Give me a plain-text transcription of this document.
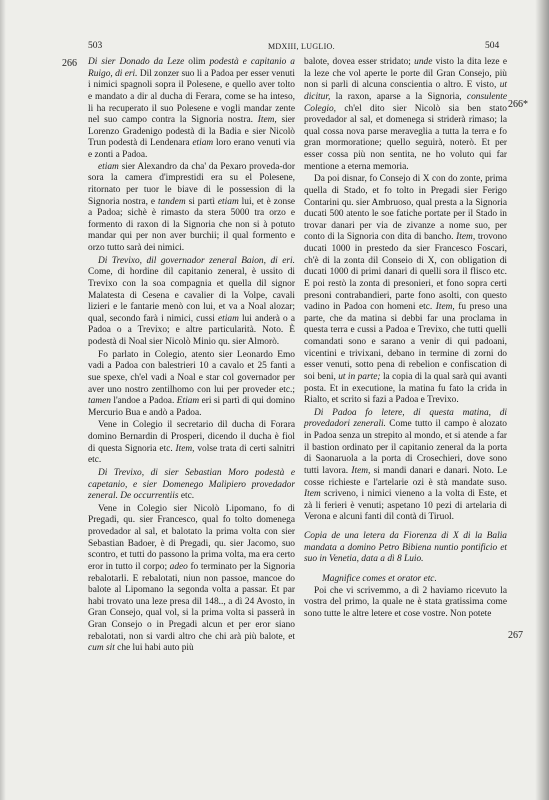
503	MDXIII, LUGLIO.	504
266
266*
267

Di sier Donado da Leze olim podestà e capitanio a Ruigo, di eri. Dil zonzer suo li a Padoa per esser venuti i nimici spagnoli sopra il Polesene, e quello aver tolto e mandato a dir al ducha di Ferara, come se ha inteso, li ha recuperato il suo Polesene e vogli mandar zente nel suo campo contra la Signoria nostra. Item, sier Lorenzo Gradenigo podestà di la Badia e sier Nicolò Trun podestà di Lendenara etiam loro erano venuti via e zonti a Padoa.

etiam sier Alexandro da cha' da Pexaro proveda-dor sora la camera d'imprestidi era su el Polesene, ritornato per tuor le biave di le possession di la Signoria nostra, e tandem si partì etiam lui, et è zonse a Padoa; sichè è rimasto da stera 5000 tra orzo e formento di raxon di la Signoria che non si à potuto mandar qui per non aver burchii; il qual formento e orzo tutto sarà dei nimici.

Di Trevixo, dil governador zeneral Baion, di eri. Come, di hordine dil capitanio zeneral, è ussito di Trevixo con la soa compagnia et quella dil signor Malatesta di Cesena e cavalier di la Volpe, cavali lizieri e le fantarie menò con lui, et va a Noal alozar; qual, secondo farà i nimici, cussi etiam lui anderà o a Padoa o a Trevixo; e altre particularità. Noto. È podestà di Noal sier Nicolò Minio qu. sier Almorò.

Fo parlato in Colegio, atento sier Leonardo Emo vadi a Padoa con balestrieri 10 a cavalo et 25 fanti a sue spexe, ch'el vadi a Noal e star col governador per aver uno nostro zentilhomo con lui per proveder etc.; tamen l'andoe a Padoa. Etiam eri si partì di qui domino Mercurio Bua e andò a Padoa.

Vene in Colegio il secretario dil ducha di Forara domino Bernardin di Prosperi, dicendo il ducha è fiol di questa Signoria etc. Item, volse trata di certi salnitri etc.

Di Trevixo, di sier Sebastian Moro podestà e capetanio, e sier Domenego Malipiero provedador zeneral. De occurrentiis etc.

Vene in Colegio sier Nicolò Lipomano, fo di Pregadi, qu. sier Francesco, qual fo tolto domenega provedador al sal, et balotato la prima volta con sier Sebastian Badoer, è di Pregadi, qu. sier Jacomo, suo scontro, et tutti do passono la prima volta, ma era certo eror in tutto il corpo; adeo fo terminato per la Signoria rebalotarli. E rebalotati, niun non passoe, mancoe do balote al Lipomano la segonda volta a passar. Et par habi trovato una leze presa dil 148.., a dì 24 Avosto, in Gran Consejo, qual vol, si la prima volta si passerà in Gran Consejo o in Pregadi alcun et per eror siano rebalotati, non si vardi altro che chi arà più balote, et cum sit che lui habi auto più

balote, dovea esser stridato; unde visto la dita leze e la leze che vol aperte le porte dil Gran Consejo, più non si parli di alcuna conscientia o altro. E visto, ut dicitur, la raxon, aparse a la Signoria, consulente Colegio, ch'el dito sier Nicolò sia ben stato provedador al sal, et domenega si striderà rimaso; la qual cossa nova parse meraveglia a tutta la terra e fo gran mormoratione; quello seguirà, noterò. Et per esser cossa più non sentita, ne ho voluto qui far mentione a eterna memoria.

Da poi disnar, fo Consejo di X con do zonte, prima quella di Stado, et fo tolto in Pregadi sier Ferigo Contarini qu. sier Ambruoso, qual presta a la Signoria ducati 500 atento le soe fatiche portate per il Stado in trovar danari per via de zivanze a nome suo, per conto di la Signoria con dita di bancho. Item, trovono ducati 1000 in prestedo da sier Francesco Foscari, ch'è di la zonta dil Conseio di X, con obligation di ducati 1000 di primi danari di quelli sora il flisco etc. E poi restò la zonta di presonieri, et fono sopra certi presoni contrabandieri, parte fono asolti, con questo vadino in Padoa con homeni etc. Item, fu preso una parte, che da matina si debbi far una proclama in questa terra e cussi a Padoa e Trevixo, che tutti quelli comandati sono e sarano a venir di qui padoani, vicentini e trivixani, debano in termine di zorni do esser venuti, sotto pena di rebelion e confiscation di soi beni, ut in parte; la copia di la qual sarà qui avanti posta. Et in executione, la matina fu fato la crida in Rialto, et scrito si fazi a Padoa e Trevixo.

Di Padoa fo letere, di questa matina, di provedadori zenerali. Come tutto il campo è alozato in Padoa senza un strepito al mondo, et si atende a far il bastion ordinato per il capitanio zeneral da la porta di Saonaruola a la porta di Crosechieri, dove sono tutti lavora. Item, si mandi danari e danari. Noto. Le cosse richieste e l'artelarie ozi è stà mandate suso. Item scriveno, i nimici vieneno a la volta di Este, et zà li ferieri è venuti; aspetano 10 pezi di artelaria di Verona e alcuni fanti dil contà di Tiruol.

Copia de una letera da Fiorenza di X di la Balia mandata a domino Petro Bibiena nuntio pontificio et suo in Venetia, data a dì 8 Luio.

Magnifice comes et orator etc.

Poi che vi scrivemmo, a dì 2 haviamo ricevuto la vostra del primo, la quale ne è stata gratissima come sono tutte le altre letere et cose vostre. Non potete
